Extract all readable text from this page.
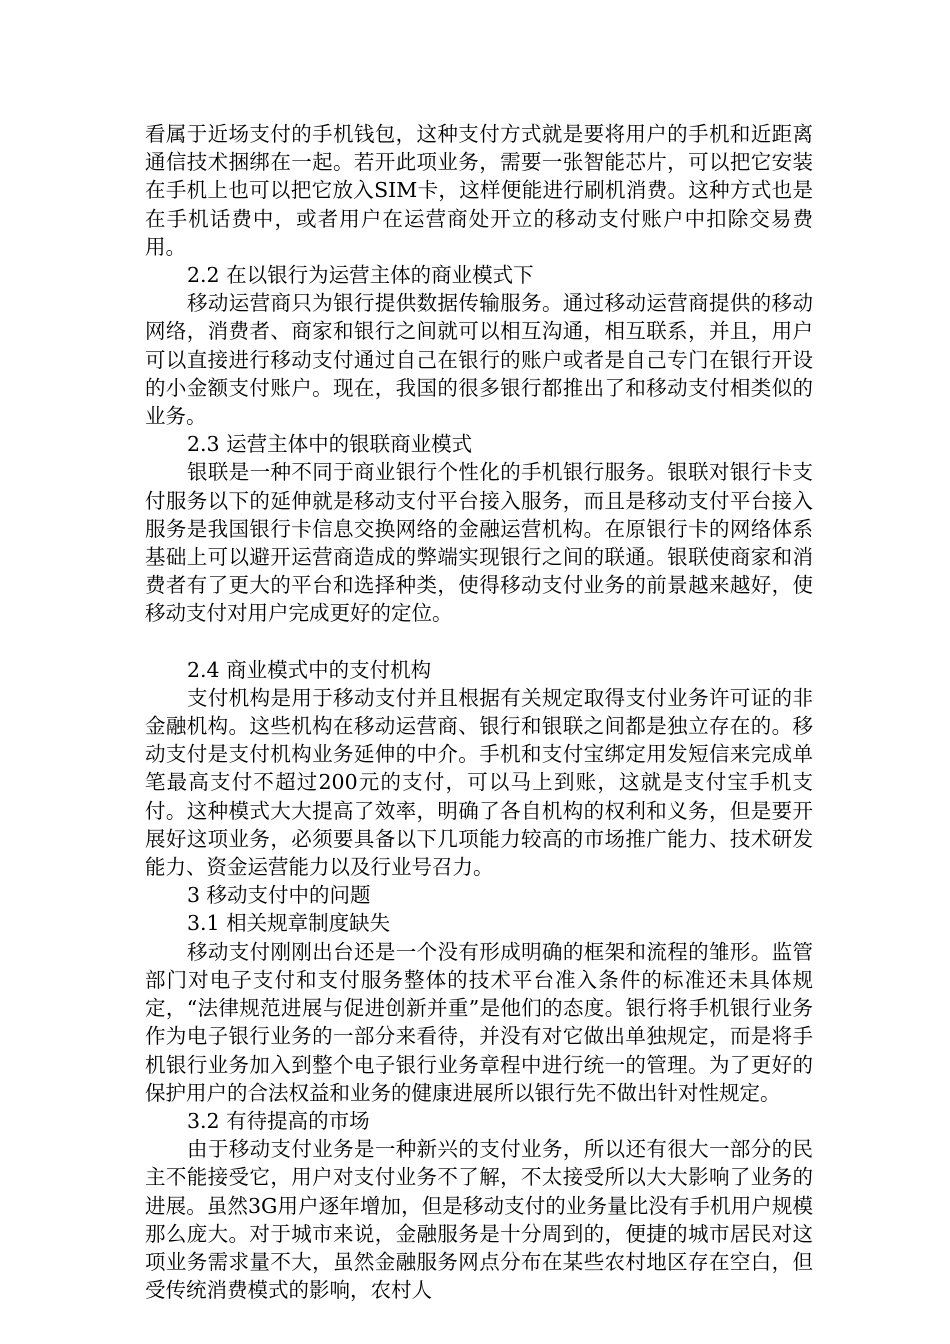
看属于近场支付的手机钱包，这种支付方式就是要将用户的手机和近距离通信技术捆绑在一起。若开此项业务，需要一张智能芯片，可以把它安装在手机上也可以把它放入SIM卡，这样便能进行刷机消费。这种方式也是在手机话费中，或者用户在运营商处开立的移动支付账户中扣除交易费用。

2.2 在以银行为运营主体的商业模式下

移动运营商只为银行提供数据传输服务。通过移动运营商提供的移动网络，消费者、商家和银行之间就可以相互沟通，相互联系，并且，用户可以直接进行移动支付通过自己在银行的账户或者是自己专门在银行开设的小金额支付账户。现在，我国的很多银行都推出了和移动支付相类似的业务。

2.3 运营主体中的银联商业模式

银联是一种不同于商业银行个性化的手机银行服务。银联对银行卡支付服务以下的延伸就是移动支付平台接入服务，而且是移动支付平台接入服务是我国银行卡信息交换网络的金融运营机构。在原银行卡的网络体系基础上可以避开运营商造成的弊端实现银行之间的联通。银联使商家和消费者有了更大的平台和选择种类，使得移动支付业务的前景越来越好，使移动支付对用户完成更好的定位。

2.4 商业模式中的支付机构

支付机构是用于移动支付并且根据有关规定取得支付业务许可证的非金融机构。这些机构在移动运营商、银行和银联之间都是独立存在的。移动支付是支付机构业务延伸的中介。手机和支付宝绑定用发短信来完成单笔最高支付不超过200元的支付，可以马上到账，这就是支付宝手机支付。这种模式大大提高了效率，明确了各自机构的权利和义务，但是要开展好这项业务，必须要具备以下几项能力较高的市场推广能力、技术研发能力、资金运营能力以及行业号召力。

3 移动支付中的问题

3.1 相关规章制度缺失

移动支付刚刚出台还是一个没有形成明确的框架和流程的雏形。监管部门对电子支付和支付服务整体的技术平台准入条件的标准还未具体规定，“法律规范进展与促进创新并重”是他们的态度。银行将手机银行业务作为电子银行业务的一部分来看待，并没有对它做出单独规定，而是将手机银行业务加入到整个电子银行业务章程中进行统一的管理。为了更好的保护用户的合法权益和业务的健康进展所以银行先不做出针对性规定。

3.2 有待提高的市场

由于移动支付业务是一种新兴的支付业务，所以还有很大一部分的民主不能接受它，用户对支付业务不了解，不太接受所以大大影响了业务的进展。虽然3G用户逐年增加，但是移动支付的业务量比没有手机用户规模那么庞大。对于城市来说，金融服务是十分周到的，便捷的城市居民对这项业务需求量不大，虽然金融服务网点分布在某些农村地区存在空白，但受传统消费模式的影响，农村人
